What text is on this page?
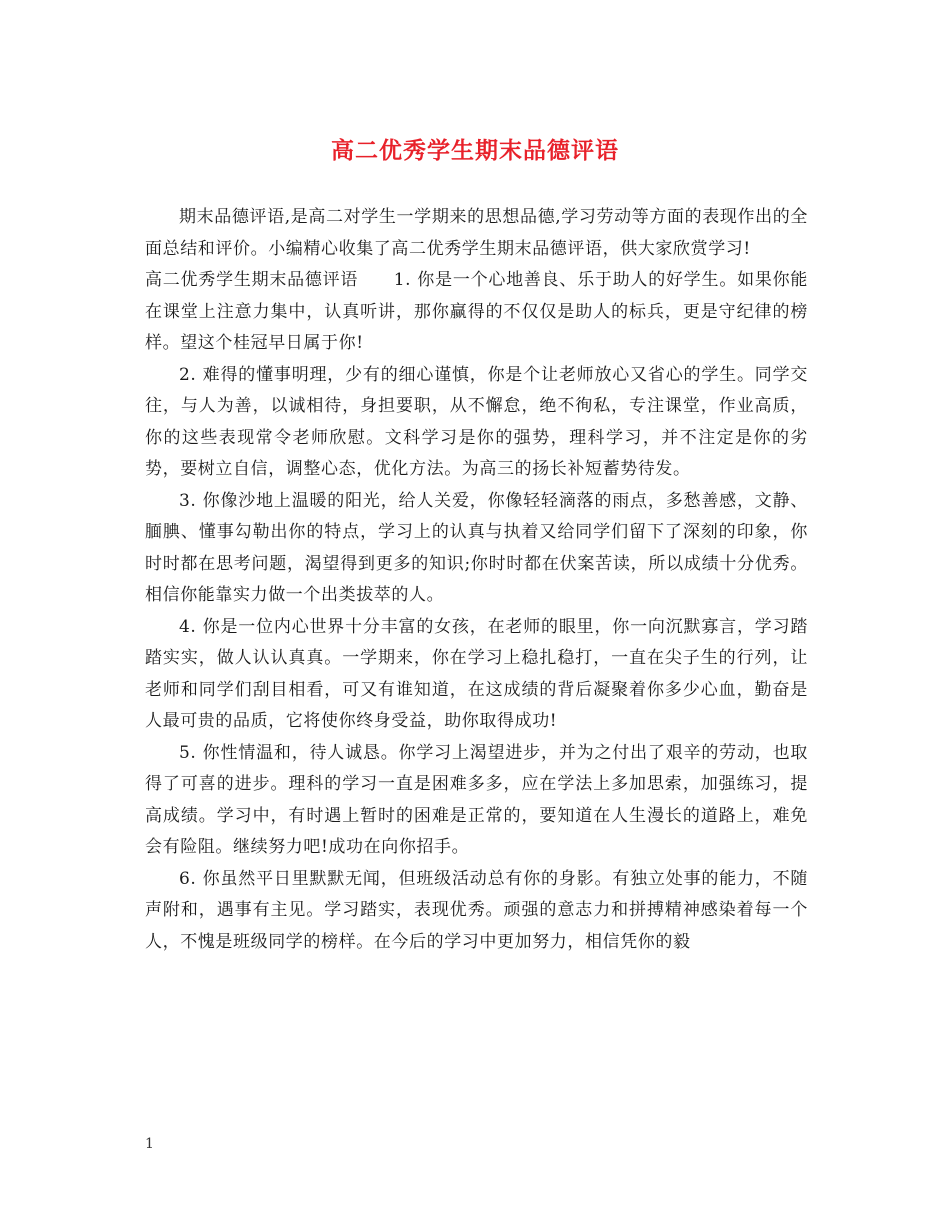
高二优秀学生期末品德评语

期末品德评语,是高二对学生一学期来的思想品德,学习劳动等方面的表现作出的全面总结和评价。小编精心收集了高二优秀学生期末品德评语，供大家欣赏学习!

高二优秀学生期末品德评语　　1. 你是一个心地善良、乐于助人的好学生。如果你能在课堂上注意力集中，认真听讲，那你赢得的不仅仅是助人的标兵，更是守纪律的榜样。望这个桂冠早日属于你!

2. 难得的懂事明理，少有的细心谨慎，你是个让老师放心又省心的学生。同学交往，与人为善，以诚相待，身担要职，从不懈怠，绝不徇私，专注课堂，作业高质，你的这些表现常令老师欣慰。文科学习是你的强势，理科学习，并不注定是你的劣势，要树立自信，调整心态，优化方法。为高三的扬长补短蓄势待发。

3. 你像沙地上温暖的阳光，给人关爱，你像轻轻滴落的雨点，多愁善感，文静、腼腆、懂事勾勒出你的特点，学习上的认真与执着又给同学们留下了深刻的印象，你时时都在思考问题，渴望得到更多的知识;你时时都在伏案苦读，所以成绩十分优秀。相信你能靠实力做一个出类拔萃的人。

4. 你是一位内心世界十分丰富的女孩，在老师的眼里，你一向沉默寡言，学习踏踏实实，做人认认真真。一学期来，你在学习上稳扎稳打，一直在尖子生的行列，让老师和同学们刮目相看，可又有谁知道，在这成绩的背后凝聚着你多少心血，勤奋是人最可贵的品质，它将使你终身受益，助你取得成功!

5. 你性情温和，待人诚恳。你学习上渴望进步，并为之付出了艰辛的劳动，也取得了可喜的进步。理科的学习一直是困难多多，应在学法上多加思索，加强练习，提高成绩。学习中，有时遇上暂时的困难是正常的，要知道在人生漫长的道路上，难免会有险阻。继续努力吧!成功在向你招手。

6. 你虽然平日里默默无闻，但班级活动总有你的身影。有独立处事的能力，不随声附和，遇事有主见。学习踏实，表现优秀。顽强的意志力和拼搏精神感染着每一个人，不愧是班级同学的榜样。在今后的学习中更加努力，相信凭你的毅

1
